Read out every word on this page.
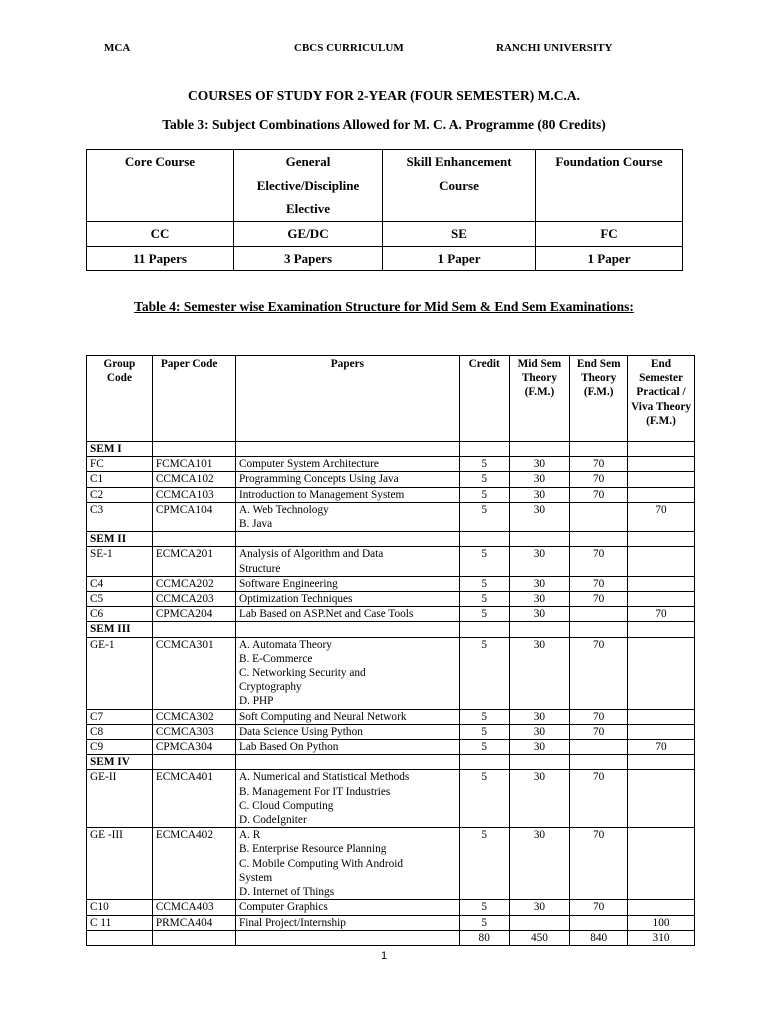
MCA	CBCS CURRICULUM	RANCHI UNIVERSITY
COURSES OF STUDY FOR 2-YEAR (FOUR SEMESTER) M.C.A.
Table 3: Subject Combinations Allowed for M. C. A. Programme (80 Credits)
Core Course	General Elective/Discipline Elective	Skill Enhancement Course	Foundation Course
CC	GE/DC	SE	FC
11 Papers	3 Papers	1 Paper	1 Paper
Table 4: Semester wise Examination Structure for Mid Sem & End Sem Examinations:
Group Code	Paper Code	Papers	Credit	Mid Sem Theory (F.M.)	End Sem Theory (F.M.)	End Semester Practical / Viva Theory (F.M.)
SEM I						
FC	FCMCA101	Computer System Architecture	5	30	70	
C1	CCMCA102	Programming Concepts Using Java	5	30	70	
C2	CCMCA103	Introduction to Management System	5	30	70	
C3	CPMCA104	A. Web Technology
B. Java	5	30		70
SEM II						
SE-1	ECMCA201	Analysis of Algorithm and Data
Structure	5	30	70	
C4	CCMCA202	Software Engineering	5	30	70	
C5	CCMCA203	Optimization Techniques	5	30	70	
C6	CPMCA204	Lab Based on ASP.Net and Case Tools	5	30		70
SEM III						
GE-1	CCMCA301	A. Automata Theory
B. E-Commerce
C. Networking Security and
Cryptography
D. PHP	5	30	70	
C7	CCMCA302	Soft Computing and Neural Network	5	30	70	
C8	CCMCA303	Data Science Using Python	5	30	70	
C9	CPMCA304	Lab Based On Python	5	30		70
SEM IV						
GE-II	ECMCA401	A. Numerical and Statistical Methods
B. Management For IT Industries
C. Cloud Computing
D. CodeIgniter	5	30	70	
GE -III	ECMCA402	A. R
B. Enterprise Resource Planning
C. Mobile Computing With Android
System
D. Internet of Things	5	30	70	
C10	CCMCA403	Computer Graphics	5	30	70	
C 11	PRMCA404	Final Project/Internship	5			100
			80	450	840	310
1
